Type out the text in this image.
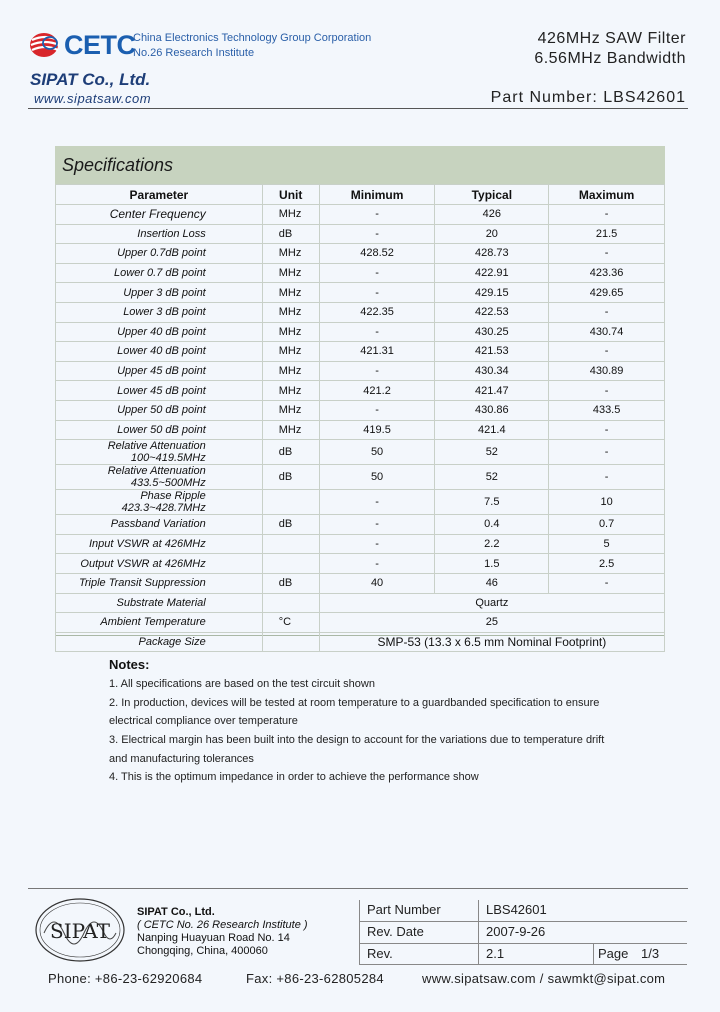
CETC
China Electronics Technology Group Corporation
No.26 Research Institute
SIPAT Co., Ltd.
www.sipatsaw.com
426MHz SAW Filter
6.56MHz Bandwidth
Part Number: LBS42601
Specifications
Parameter	Unit	Minimum	Typical	Maximum
Center Frequency	MHz	-	426	-
Insertion Loss	dB	-	20	21.5
Upper 0.7dB point	MHz	428.52	428.73	-
Lower 0.7 dB point	MHz	-	422.91	423.36
Upper 3 dB point	MHz	-	429.15	429.65
Lower 3 dB point	MHz	422.35	422.53	-
Upper 40 dB point	MHz	-	430.25	430.74
Lower 40 dB point	MHz	421.31	421.53	-
Upper 45 dB point	MHz	-	430.34	430.89
Lower 45 dB point	MHz	421.2	421.47	-
Upper 50 dB point	MHz	-	430.86	433.5
Lower 50 dB point	MHz	419.5	421.4	-
Relative Attenuation 100~419.5MHz	dB	50	52	-
Relative Attenuation 433.5~500MHz	dB	50	52	-
Phase Ripple 423.3~428.7MHz		-	7.5	10
Passband Variation	dB	-	0.4	0.7
Input VSWR at 426MHz		-	2.2	5
Output VSWR at 426MHz		-	1.5	2.5
Triple Transit Suppression	dB	40	46	-
Substrate Material		Quartz		
Ambient Temperature	°C	25		
Package Size		SMP-53 (13.3 x 6.5 mm Nominal Footprint)		
Notes:
1. All specifications are based on the test circuit shown
2. In production, devices will be tested at room temperature to a guardbanded specification to ensure
electrical compliance over temperature
3. Electrical margin has been built into the design to account for the variations due to temperature drift
and manufacturing tolerances
4. This is the optimum impedance in order to achieve the performance show
SIPAT
SIPAT Co., Ltd.
( CETC No. 26 Research Institute )
Nanping Huayuan Road No. 14
Chongqing, China, 400060
Part Number	LBS42601
Rev. Date	2007-9-26
Rev.	2.1	Page 1/3
Phone: +86-23-62920684	Fax: +86-23-62805284	www.sipatsaw.com / sawmkt@sipat.com
